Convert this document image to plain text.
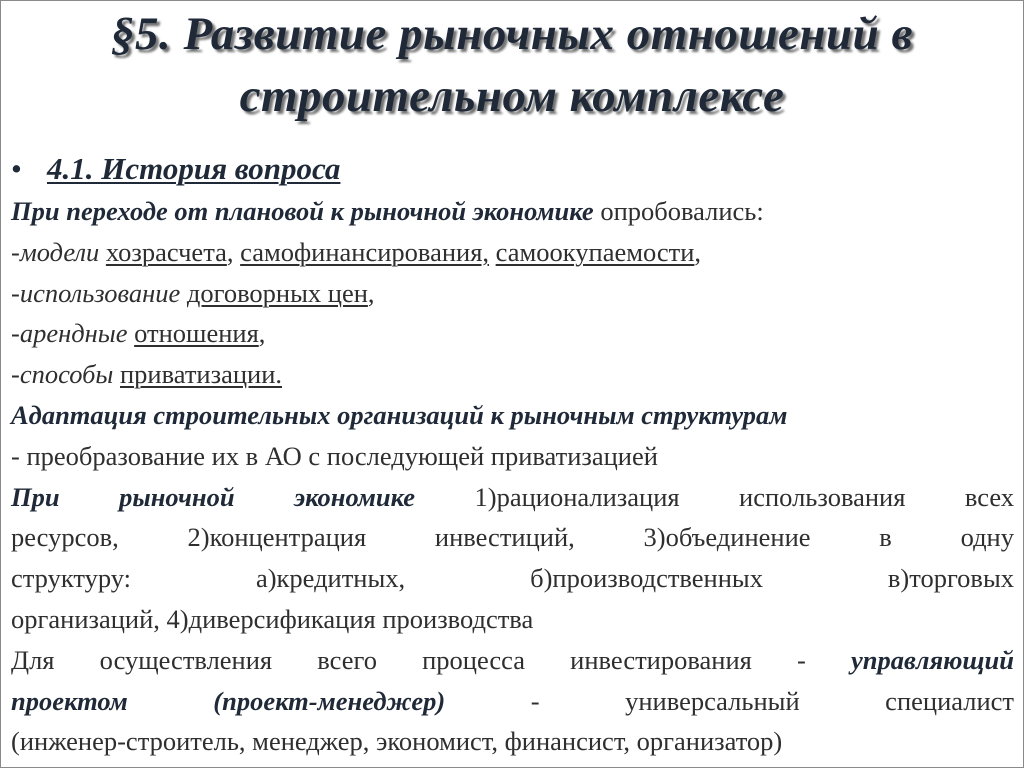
§5. Развитие рыночных отношений в
строительном комплексе
• 4.1. История вопроса
При переходе от плановой к рыночной экономике опробовались:
-модели хозрасчета, самофинансирования, самоокупаемости,
-использование договорных цен,
-арендные отношения,
-способы приватизации.
Адаптация строительных организаций к рыночным структурам
- преобразование их в АО с последующей приватизацией
При рыночной экономике 1)рационализация использования всех
ресурсов, 2)концентрация инвестиций, 3)объединение в одну
структуру: а)кредитных, б)производственных в)торговых
организаций, 4)диверсификация производства
Для осуществления всего процесса инвестирования - управляющий
проектом (проект-менеджер) - универсальный специалист
(инженер-строитель, менеджер, экономист, финансист, организатор)
